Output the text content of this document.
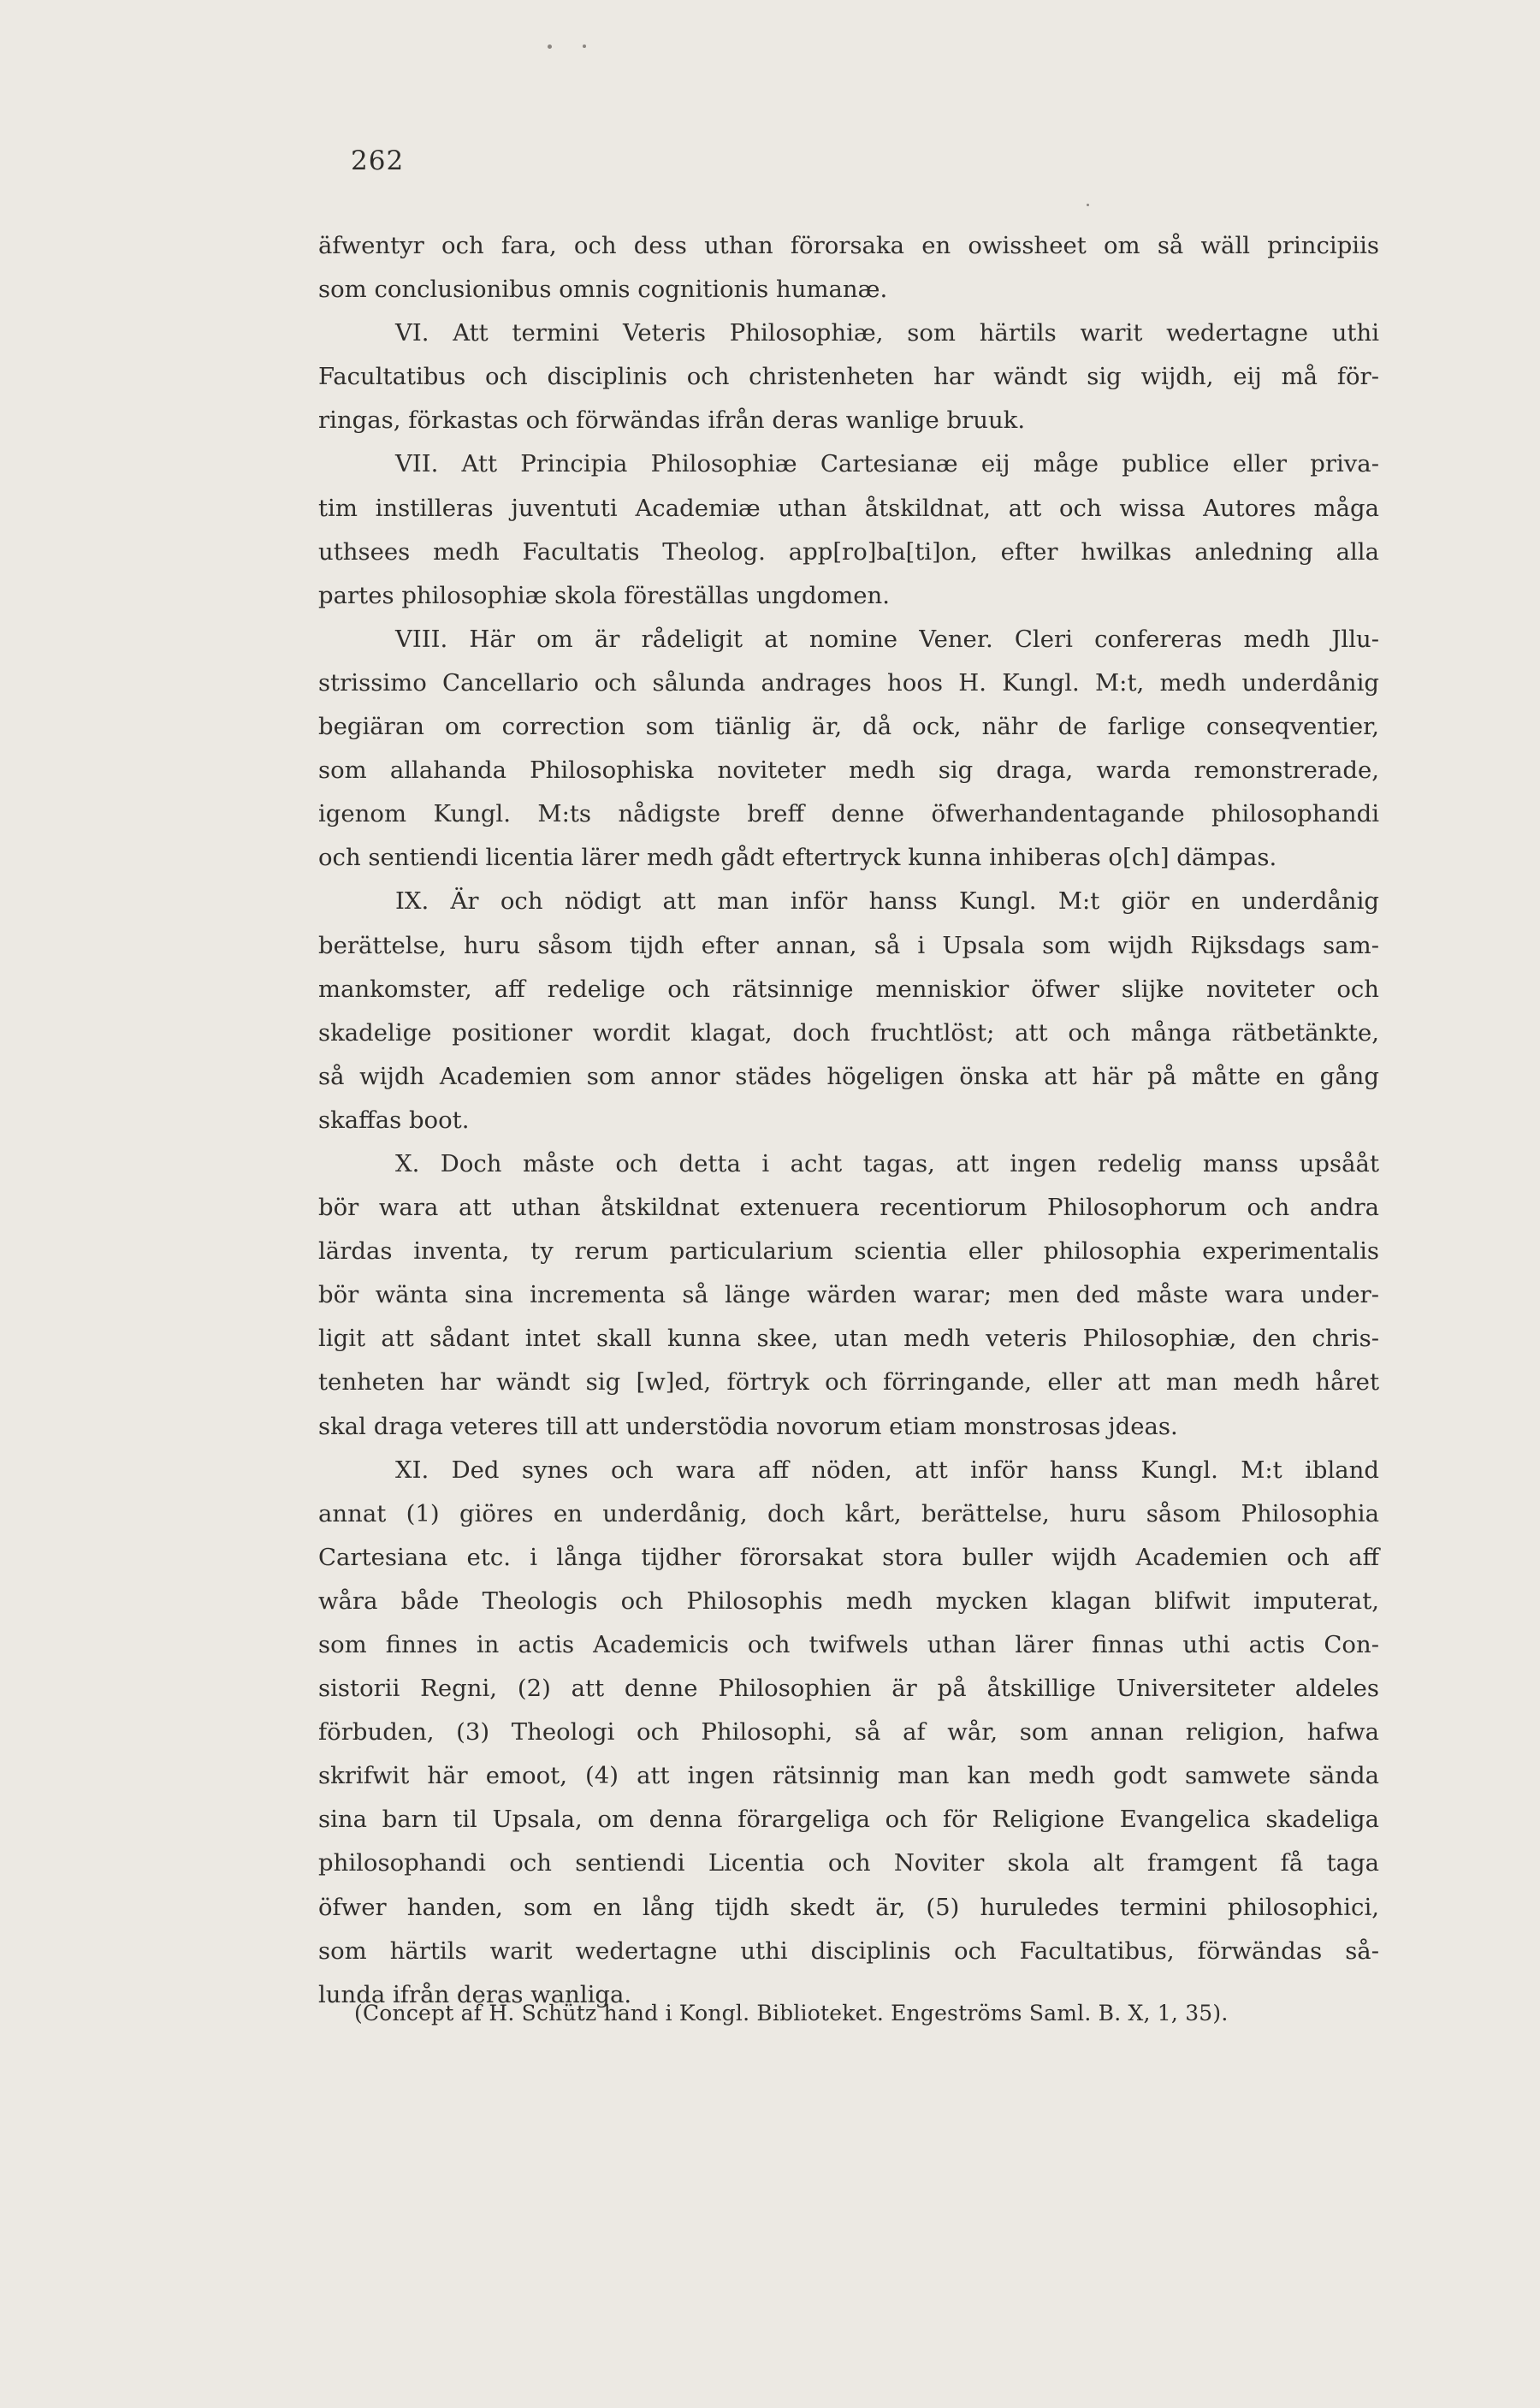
262
äfwentyr och fara, och dess uthan förorsaka en owissheet om så wäll principiis
som conclusionibus omnis cognitionis humanæ.
VI. Att termini Veteris Philosophiæ, som härtils warit wedertagne uthi
Facultatibus och disciplinis och christenheten har wändt sig wijdh, eij må för-
ringas, förkastas och förwändas ifrån deras wanlige bruuk.
VII. Att Principia Philosophiæ Cartesianæ eij måge publice eller priva-
tim instilleras juventuti Academiæ uthan åtskildnat, att och wissa Autores måga
uthsees medh Facultatis Theolog. app[ro]ba[ti]on, efter hwilkas anledning alla
partes philosophiæ skola föreställas ungdomen.
VIII. Här om är rådeligit at nomine Vener. Cleri confereras medh Jllu-
strissimo Cancellario och sålunda andrages hoos H. Kungl. M:t, medh underdånig
begiäran om correction som tiänlig är, då ock, nähr de farlige conseqventier,
som allahanda Philosophiska noviteter medh sig draga, warda remonstrerade,
igenom Kungl. M:ts nådigste breff denne öfwerhandentagande philosophandi
och sentiendi licentia lärer medh gådt eftertryck kunna inhiberas o[ch] dämpas.
IX. Är och nödigt att man inför hanss Kungl. M:t giör en underdånig
berättelse, huru såsom tijdh efter annan, så i Upsala som wijdh Rijksdags sam-
mankomster, aff redelige och rätsinnige menniskior öfwer slijke noviteter och
skadelige positioner wordit klagat, doch fruchtlöst; att och många rätbetänkte,
så wijdh Academien som annor städes högeligen önska att här på måtte en gång
skaffas boot.
X. Doch måste och detta i acht tagas, att ingen redelig manss upsååt
bör wara att uthan åtskildnat extenuera recentiorum Philosophorum och andra
lärdas inventa, ty rerum particularium scientia eller philosophia experimentalis
bör wänta sina incrementa så länge wärden warar; men ded måste wara under-
ligit att sådant intet skall kunna skee, utan medh veteris Philosophiæ, den chris-
tenheten har wändt sig [w]ed, förtryk och förringande, eller att man medh håret
skal draga veteres till att understödia novorum etiam monstrosas jdeas.
XI. Ded synes och wara aff nöden, att inför hanss Kungl. M:t ibland
annat (1) giöres en underdånig, doch kårt, berättelse, huru såsom Philosophia
Cartesiana etc. i långa tijdher förorsakat stora buller wijdh Academien och aff
wåra både Theologis och Philosophis medh mycken klagan blifwit imputerat,
som finnes in actis Academicis och twifwels uthan lärer finnas uthi actis Con-
sistorii Regni, (2) att denne Philosophien är på åtskillige Universiteter aldeles
förbuden, (3) Theologi och Philosophi, så af wår, som annan religion, hafwa
skrifwit här emoot, (4) att ingen rätsinnig man kan medh godt samwete sända
sina barn til Upsala, om denna förargeliga och för Religione Evangelica skadeliga
philosophandi och sentiendi Licentia och Noviter skola alt framgent få taga
öfwer handen, som en lång tijdh skedt är, (5) huruledes termini philosophici,
som härtils warit wedertagne uthi disciplinis och Facultatibus, förwändas så-
lunda ifrån deras wanliga.
(Concept af H. Schütz hand i Kongl. Biblioteket. Engeströms Saml. B. X, 1, 35).
